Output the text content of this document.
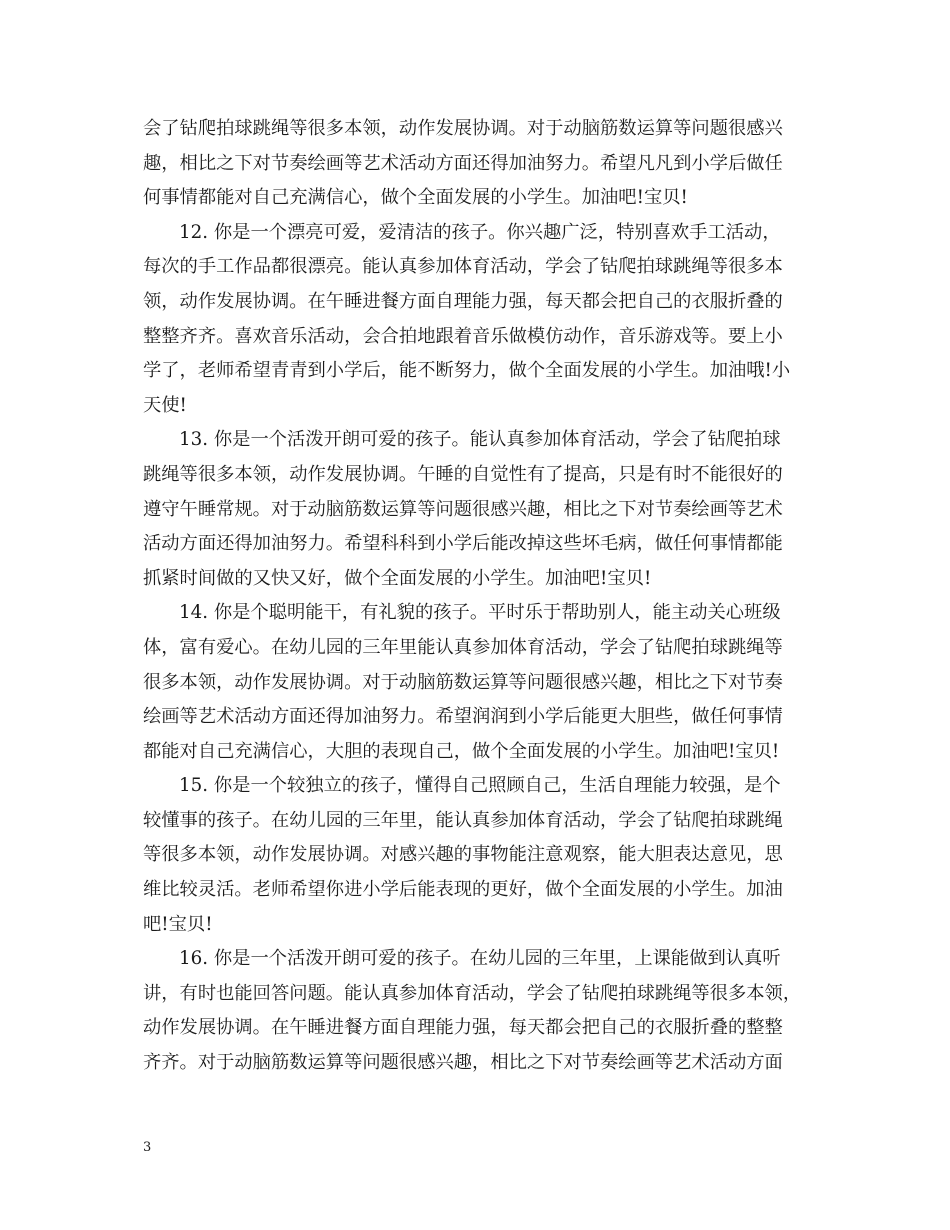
会了钻爬拍球跳绳等很多本领，动作发展协调。对于动脑筋数运算等问题很感兴
趣，相比之下对节奏绘画等艺术活动方面还得加油努力。希望凡凡到小学后做任
何事情都能对自己充满信心，做个全面发展的小学生。加油吧!宝贝!
12. 你是一个漂亮可爱，爱清洁的孩子。你兴趣广泛，特别喜欢手工活动，
每次的手工作品都很漂亮。能认真参加体育活动，学会了钻爬拍球跳绳等很多本
领，动作发展协调。在午睡进餐方面自理能力强，每天都会把自己的衣服折叠的
整整齐齐。喜欢音乐活动，会合拍地跟着音乐做模仿动作，音乐游戏等。要上小
学了，老师希望青青到小学后，能不断努力，做个全面发展的小学生。加油哦!小
天使!
13. 你是一个活泼开朗可爱的孩子。能认真参加体育活动，学会了钻爬拍球
跳绳等很多本领，动作发展协调。午睡的自觉性有了提高，只是有时不能很好的
遵守午睡常规。对于动脑筋数运算等问题很感兴趣，相比之下对节奏绘画等艺术
活动方面还得加油努力。希望科科到小学后能改掉这些坏毛病，做任何事情都能
抓紧时间做的又快又好，做个全面发展的小学生。加油吧!宝贝!
14. 你是个聪明能干，有礼貌的孩子。平时乐于帮助别人，能主动关心班级
体，富有爱心。在幼儿园的三年里能认真参加体育活动，学会了钻爬拍球跳绳等
很多本领，动作发展协调。对于动脑筋数运算等问题很感兴趣，相比之下对节奏
绘画等艺术活动方面还得加油努力。希望润润到小学后能更大胆些，做任何事情
都能对自己充满信心，大胆的表现自己，做个全面发展的小学生。加油吧!宝贝!
15. 你是一个较独立的孩子，懂得自己照顾自己，生活自理能力较强，是个
较懂事的孩子。在幼儿园的三年里，能认真参加体育活动，学会了钻爬拍球跳绳
等很多本领，动作发展协调。对感兴趣的事物能注意观察，能大胆表达意见，思
维比较灵活。老师希望你进小学后能表现的更好，做个全面发展的小学生。加油
吧!宝贝!
16. 你是一个活泼开朗可爱的孩子。在幼儿园的三年里，上课能做到认真听
讲，有时也能回答问题。能认真参加体育活动，学会了钻爬拍球跳绳等很多本领，
动作发展协调。在午睡进餐方面自理能力强，每天都会把自己的衣服折叠的整整
齐齐。对于动脑筋数运算等问题很感兴趣，相比之下对节奏绘画等艺术活动方面
3
